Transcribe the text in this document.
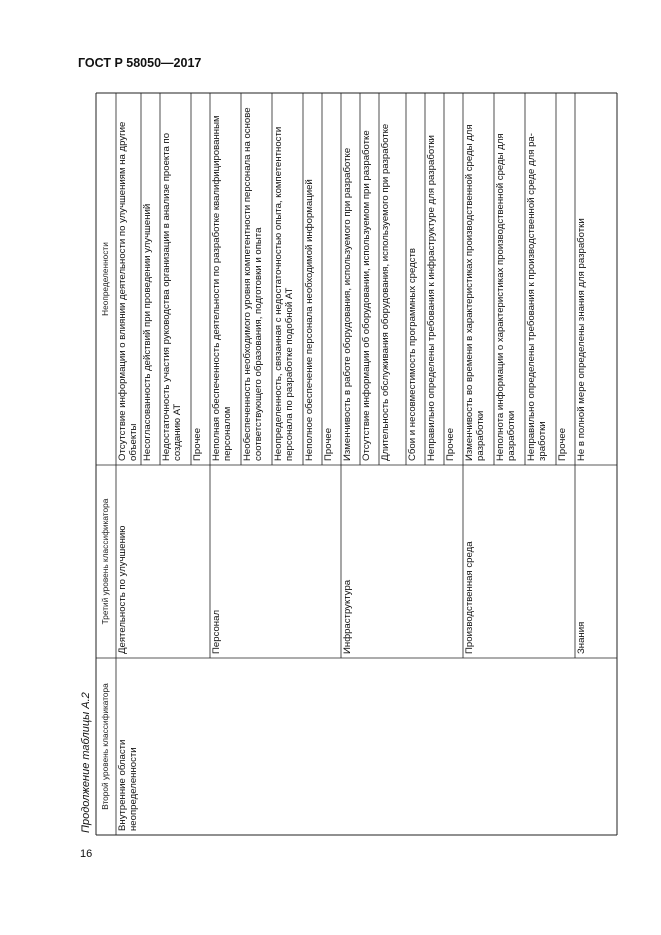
ГОСТ Р 58050—2017
16
Продолжение таблицы А.2 Второй уровень классификатора
Третий уровень классификатора
Неопределенности
Внутренние области неопределенности
Отсутствие информации о влиянии деятельности по улучшениям на другие объекты Несогласованность действий при проведении улучшений Недостаточность участия руководства организации в анализе проекта по созданию АТ Прочее
Деятельность по улучшению
Неполная обеспеченность деятельности по разработке квалифицированным персоналом Необеспеченность необходимого уровня компетентности персонала на основе соответствующего образования, подготовки и опыта Неопределенность, связанная с недостаточностью опыта, компетентности персонала по разработке подобной АТ Неполное обеспечение персонала необходимой информацией Прочее
Персонал
Изменчивость в работе оборудования, используемого при разработке Отсутствие информации об оборудовании, используемом при разработке Длительность обслуживания оборудования, используемого при разработке Сбои и несовместимость программных средств Неправильно определены требования к инфраструктуре для разработки Прочее
Инфраструктура
Изменчивость во времени в характеристиках производственной среды для разработки Неполнота информации о характеристиках производственной среды для разработки Неправильно определены требования к производственной среде для разработки Прочее
Производственная среда
Не в полной мере определены знания для разработки
Знания
